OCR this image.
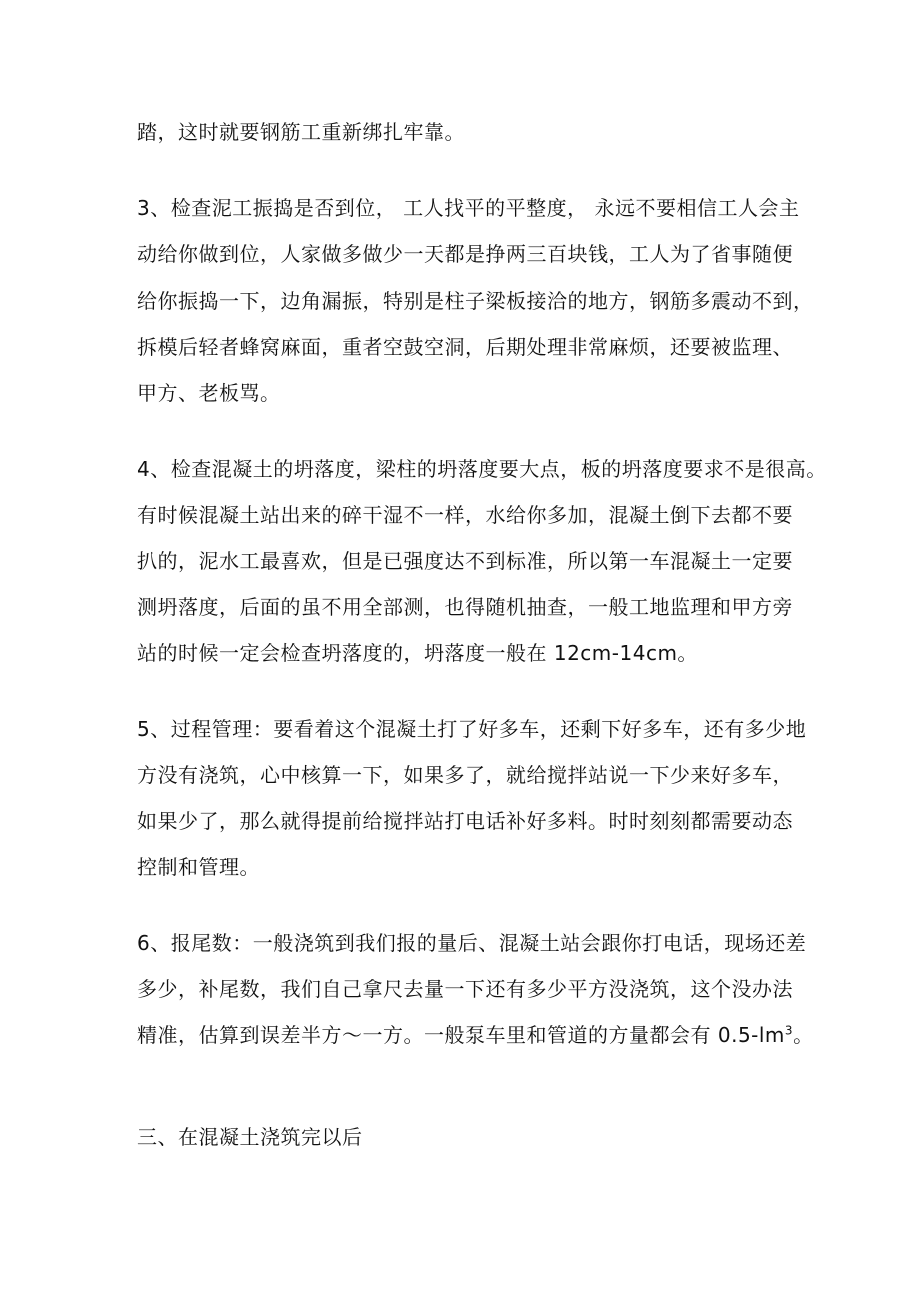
踏，这时就要钢筋工重新绑扎牢靠。
3、检查泥工振捣是否到位， 工人找平的平整度， 永远不要相信工人会主
动给你做到位，人家做多做少一天都是挣两三百块钱，工人为了省事随便
给你振捣一下，边角漏振，特别是柱子梁板接洽的地方，钢筋多震动不到，
拆模后轻者蜂窝麻面，重者空鼓空洞，后期处理非常麻烦，还要被监理、
甲方、老板骂。
4、检查混凝土的坍落度，梁柱的坍落度要大点，板的坍落度要求不是很高。
有时候混凝土站出来的碎干湿不一样，水给你多加，混凝土倒下去都不要
扒的，泥水工最喜欢，但是已强度达不到标准，所以第一车混凝土一定要
测坍落度，后面的虽不用全部测，也得随机抽查，一般工地监理和甲方旁
站的时候一定会检查坍落度的，坍落度一般在 12cm-14cm。
5、过程管理：要看着这个混凝土打了好多车，还剩下好多车，还有多少地
方没有浇筑，心中核算一下，如果多了，就给搅拌站说一下少来好多车，
如果少了，那么就得提前给搅拌站打电话补好多料。时时刻刻都需要动态
控制和管理。
6、报尾数：一般浇筑到我们报的量后、混凝土站会跟你打电话，现场还差
多少，补尾数，我们自己拿尺去量一下还有多少平方没浇筑，这个没办法
精准，估算到误差半方～一方。一般泵车里和管道的方量都会有 $0.5-lm^3$。
三、在混凝土浇筑完以后
